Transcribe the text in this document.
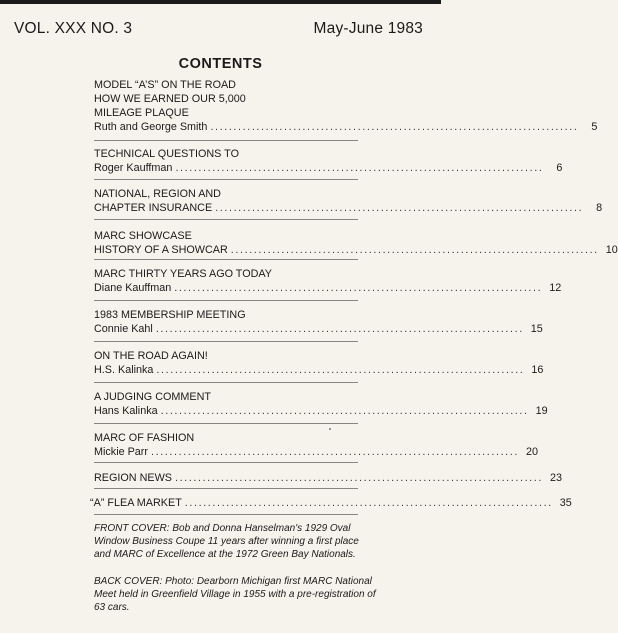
VOL. XXX NO. 3	May-June 1983
CONTENTS
MODEL “A’S” ON THE ROAD
HOW WE EARNED OUR 5,000
MILEAGE PLAQUE
Ruth and George Smith ................................................................................	5
TECHNICAL QUESTIONS TO
Roger Kauffman ................................................................................	6
NATIONAL, REGION AND
CHAPTER INSURANCE ................................................................................	8
MARC SHOWCASE
HISTORY OF A SHOWCAR ................................................................................ 10
MARC THIRTY YEARS AGO TODAY
Diane Kauffman ................................................................................ 12
1983 MEMBERSHIP MEETING
Connie Kahl ................................................................................ 15
ON THE ROAD AGAIN!
H.S. Kalinka ................................................................................ 16
A JUDGING COMMENT
Hans Kalinka ................................................................................ 19
MARC OF FASHION
Mickie Parr ................................................................................ 20
REGION NEWS ................................................................................ 23
“A” FLEA MARKET ................................................................................ 35
FRONT COVER: Bob and Donna Hanselman's 1929 Oval Window Business Coupe 11 years after winning a first place and MARC of Excellence at the 1972 Green Bay Nationals.
BACK COVER: Photo: Dearborn Michigan first MARC National Meet held in Greenfield Village in 1955 with a pre-registration of 63 cars.
